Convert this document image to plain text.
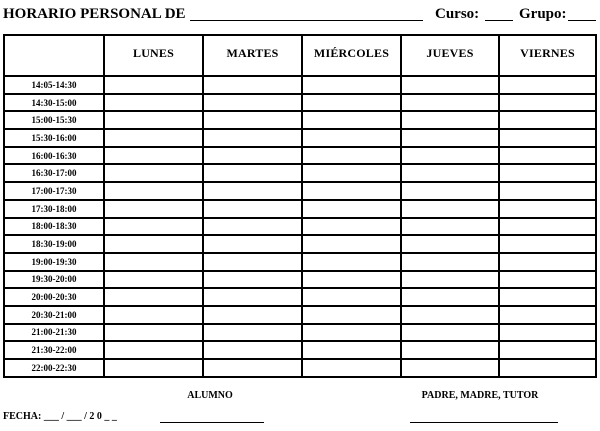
HORARIO PERSONAL DE	Curso:	Grupo:
	LUNES	MARTES	MIÉRCOLES	JUEVES	VIERNES
14:05-14:30					
14:30-15:00					
15:00-15:30					
15:30-16:00					
16:00-16:30					
16:30-17:00					
17:00-17:30					
17:30-18:00					
18:00-18:30					
18:30-19:00					
19:00-19:30					
19:30-20:00					
20:00-20:30					
20:30-21:00					
21:00-21:30					
21:30-22:00					
22:00-22:30					
ALUMNO	PADRE, MADRE, TUTOR
FECHA: ___ / ___ / 2 0 _ _
